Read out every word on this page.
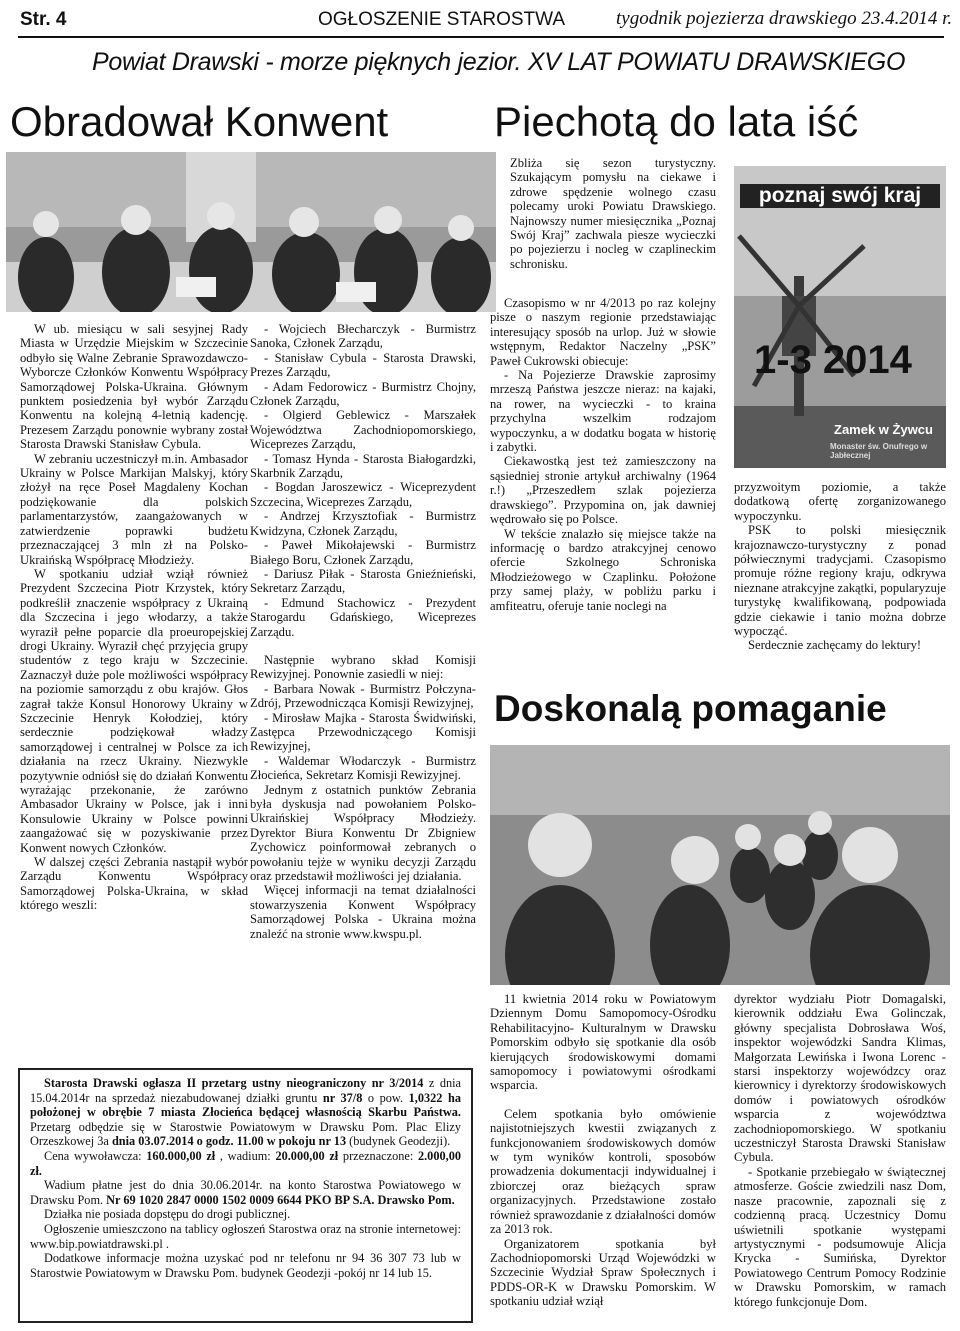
Str. 4	OGŁOSZENIE STAROSTWA	tygodnik pojezierza drawskiego 23.4.2014 r.
Powiat Drawski - morze pięknych jezior. XV LAT POWIATU DRAWSKIEGO
Obradował Konwent	Piechotą do lata iść

W ub. miesiącu w sali sesyjnej Rady Miasta w Urzędzie Miejskim w Szczecinie odbyło się Walne Zebranie Sprawozdawczo-Wyborcze Członków Konwentu Współpracy Samorządowej Polska-Ukraina. Głównym punktem posiedzenia był wybór Zarządu Konwentu na kolejną 4-letnią kadencję. Prezesem Zarządu ponownie wybrany został Starosta Drawski Stanisław Cybula.

W zebraniu uczestniczył m.in. Ambasador Ukrainy w Polsce Markijan Malskyj, który złożył na ręce Poseł Magdaleny Kochan podziękowanie dla polskich parlamentarzystów, zaangażowanych w zatwierdzenie poprawki budżetu przeznaczającej 3 mln zł na Polsko-Ukraińską Współpracę Młodzieży.

W spotkaniu udział wziął również Prezydent Szczecina Piotr Krzystek, który podkreślił znaczenie współpracy z Ukrainą dla Szczecina i jego włodarzy, a także wyraził pełne poparcie dla proeuropejskiej drogi Ukrainy. Wyraził chęć przyjęcia grupy studentów z tego kraju w Szczecinie. Zaznaczył duże pole możliwości współpracy na poziomie samorządu z obu krajów. Głos zagrał także Konsul Honorowy Ukrainy w Szczecinie Henryk Kołodziej, który serdecznie podziękował władzy samorządowej i centralnej w Polsce za ich działania na rzecz Ukrainy. Niezwykle pozytywnie odniósł się do działań Konwentu wyrażając przekonanie, że zarówno Ambasador Ukrainy w Polsce, jak i inni Konsulowie Ukrainy w Polsce powinni zaangażować się w pozyskiwanie przez Konwent nowych Członków.

W dalszej części Zebrania nastąpił wybór Zarządu Konwentu Współpracy Samorządowej Polska-Ukraina, w skład którego weszli:

- Wojciech Błecharczyk - Burmistrz Sanoka, Członek Zarządu,

- Stanisław Cybula - Starosta Drawski, Prezes Zarządu,

- Adam Fedorowicz - Burmistrz Chojny, Członek Zarządu,

- Olgierd Geblewicz - Marszałek Województwa Zachodniopomorskiego, Wiceprezes Zarządu,

- Tomasz Hynda - Starosta Białogardzki, Skarbnik Zarządu,

- Bogdan Jaroszewicz - Wiceprezydent Szczecina, Wiceprezes Zarządu,

- Andrzej Krzysztofiak - Burmistrz Kwidzyna, Członek Zarządu,

- Paweł Mikołajewski - Burmistrz Białego Boru, Członek Zarządu,

- Dariusz Piłak - Starosta Gnieźnieński, Sekretarz Zarządu,

- Edmund Stachowicz - Prezydent Starogardu Gdańskiego, Wiceprezes Zarządu.

Następnie wybrano skład Komisji Rewizyjnej. Ponownie zasiedli w niej:

- Barbara Nowak - Burmistrz Połczyna-Zdrój, Przewodnicząca Komisji Rewizyjnej,

- Mirosław Majka - Starosta Świdwiński, Zastępca Przewodniczącego Komisji Rewizyjnej,

- Waldemar Włodarczyk - Burmistrz Złocieńca, Sekretarz Komisji Rewizyjnej.

Jednym z ostatnich punktów Zebrania była dyskusja nad powołaniem Polsko-Ukraińskiej Współpracy Młodzieży. Dyrektor Biura Konwentu Dr Zbigniew Zychowicz poinformował zebranych o powołaniu tejże w wyniku decyzji Zarządu oraz przedstawił możliwości jej działania.

Więcej informacji na temat działalności stowarzyszenia Konwent Współpracy Samorządowej Polska - Ukraina można znaleźć na stronie www.kwspu.pl.

Zbliża się sezon turystyczny. Szukającym pomysłu na ciekawe i zdrowe spędzenie wolnego czasu polecamy uroki Powiatu Drawskiego. Najnowszy numer miesięcznika „Poznaj Swój Kraj” zachwala piesze wycieczki po pojezierzu i nocleg w czaplineckim schronisku.

Czasopismo w nr 4/2013 po raz kolejny pisze o naszym regionie przedstawiając interesujący sposób na urlop. Już w słowie wstępnym, Redaktor Naczelny „PSK” Paweł Cukrowski obiecuje:

- Na Pojezierze Drawskie zaprosimy mrzeszą Państwa jeszcze nieraz: na kajaki, na rower, na wycieczki - to kraina przychylna wszelkim rodzajom wypoczynku, a w dodatku bogata w historię i zabytki.

Ciekawostką jest też zamieszczony na sąsiedniej stronie artykuł archiwalny (1964 r.!) „Przeszedłem szlak pojezierza drawskiego”. Przypomina on, jak dawniej wędrowało się po Polsce.

W tekście znalazło się miejsce także na informację o bardzo atrakcyjnej cenowo ofercie Szkolnego Schroniska Młodzieżowego w Czaplinku. Położone przy samej plaży, w pobliżu parku i amfiteatru, oferuje tanie noclegi na

poznaj swój kraj
1-3 2014
Zamek w Żywcu
Monaster św. Onufrego w Jabłecznej

przyzwoitym poziomie, a także dodatkową ofertę zorganizowanego wypoczynku.

PSK to polski miesięcznik krajoznawczo-turystyczny z ponad półwiecznymi tradycjami. Czasopismo promuje różne regiony kraju, odkrywa nieznane atrakcyjne zakątki, popularyzuje turystykę kwalifikowaną, podpowiada gdzie ciekawie i tanio można dobrze wypocząć.

Serdecznie zachęcamy do lektury!

Doskonalą pomaganie

11 kwietnia 2014 roku w Powiatowym Dziennym Domu Samopomocy-Ośrodku Rehabilitacyjno- Kulturalnym w Drawsku Pomorskim odbyło się spotkanie dla osób kierujących środowiskowymi domami samopomocy i powiatowymi ośrodkami wsparcia.

Celem spotkania było omówienie najistotniejszych kwestii związanych z funkcjonowaniem środowiskowych domów w tym wyników kontroli, sposobów prowadzenia dokumentacji indywidualnej i zbiorczej oraz bieżących spraw organizacyjnych. Przedstawione zostało również sprawozdanie z działalności domów za 2013 rok.

Organizatorem spotkania był Zachodniopomorski Urząd Wojewódzki w Szczecinie Wydział Spraw Społecznych i PDDS-OR-K w Drawsku Pomorskim. W spotkaniu udział wziął

dyrektor wydziału Piotr Domagalski, kierownik oddziału Ewa Golinczak, główny specjalista Dobrosława Woś, inspektor wojewódzki Sandra Klimas, Małgorzata Lewińska i Iwona Lorenc - starsi inspektorzy wojewódzcy oraz kierownicy i dyrektorzy środowiskowych domów i powiatowych ośrodków wsparcia z województwa zachodniopomorskiego. W spotkaniu uczestniczył Starosta Drawski Stanisław Cybula.

- Spotkanie przebiegało w świątecznej atmosferze. Goście zwiedzili nasz Dom, nasze pracownie, zapoznali się z codzienną pracą. Uczestnicy Domu uświetnili spotkanie występami artystycznymi - podsumowuje Alicja Krycka - Sumińska, Dyrektor Powiatowego Centrum Pomocy Rodzinie w Drawsku Pomorskim, w ramach którego funkcjonuje Dom.

Starosta Drawski ogłasza II przetarg ustny nieograniczony nr 3/2014 z dnia 15.04.2014r na sprzedaż niezabudowanej działki gruntu nr 37/8 o pow. 1,0322 ha położonej w obrębie 7 miasta Złocieńca będącej własnością Skarbu Państwa. Przetarg odbędzie się w Starostwie Powiatowym w Drawsku Pom. Plac Elizy Orzeszkowej 3a dnia 03.07.2014 o godz. 11.00 w pokoju nr 13 (budynek Geodezji).

Cena wywoławcza: 160.000,00 zł , wadium: 20.000,00 zł przeznaczone: 2.000,00 zł.

Wadium płatne jest do dnia 30.06.2014r. na konto Starostwa Powiatowego w Drawsku Pom. Nr 69 1020 2847 0000 1502 0009 6644 PKO BP S.A. Drawsko Pom.

Działka nie posiada dopstępu do drogi publicznej.

Ogłoszenie umieszczono na tablicy ogłoszeń Starostwa oraz na stronie internetowej: www.bip.powiatdrawski.pl .

Dodatkowe informacje można uzyskać pod nr telefonu nr 94 36 307 73 lub w Starostwie Powiatowym w Drawsku Pom. budynek Geodezji -pokój nr 14 lub 15.
